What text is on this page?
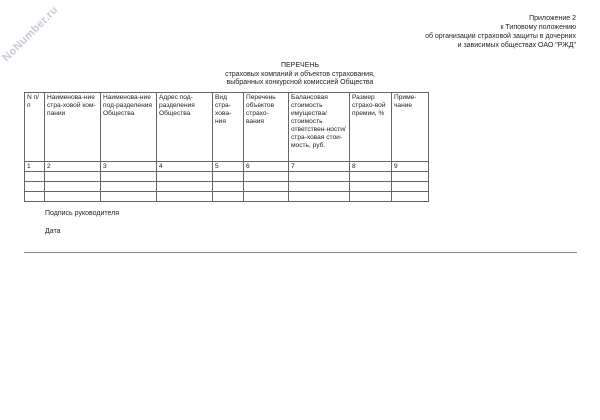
NoNumber.ru	Приложение 2
к Типовому положению
об организации страховой защиты в дочерних
и зависимых обществах ОАО "РЖД"
ПЕРЕЧЕНЬ
страховых компаний и объектов страхования,
выбранных конкурсной комиссией Общества
N п/п	Наименова-ние стра-ховой ком-пании	Наименова-ние под-разделения Общества	Адрес под-разделения Общества	Вид стра-хова-ния	Перечень объектов страхо-вания	Балансовая стоимость имущества/ стоимость ответствен-ности/стра-ховая стои-мость, руб.	Размер страхо-вой премии, %	Приме-чание
1	2	3	4	5	6	7	8	9

Подпись руководителя
Дата
